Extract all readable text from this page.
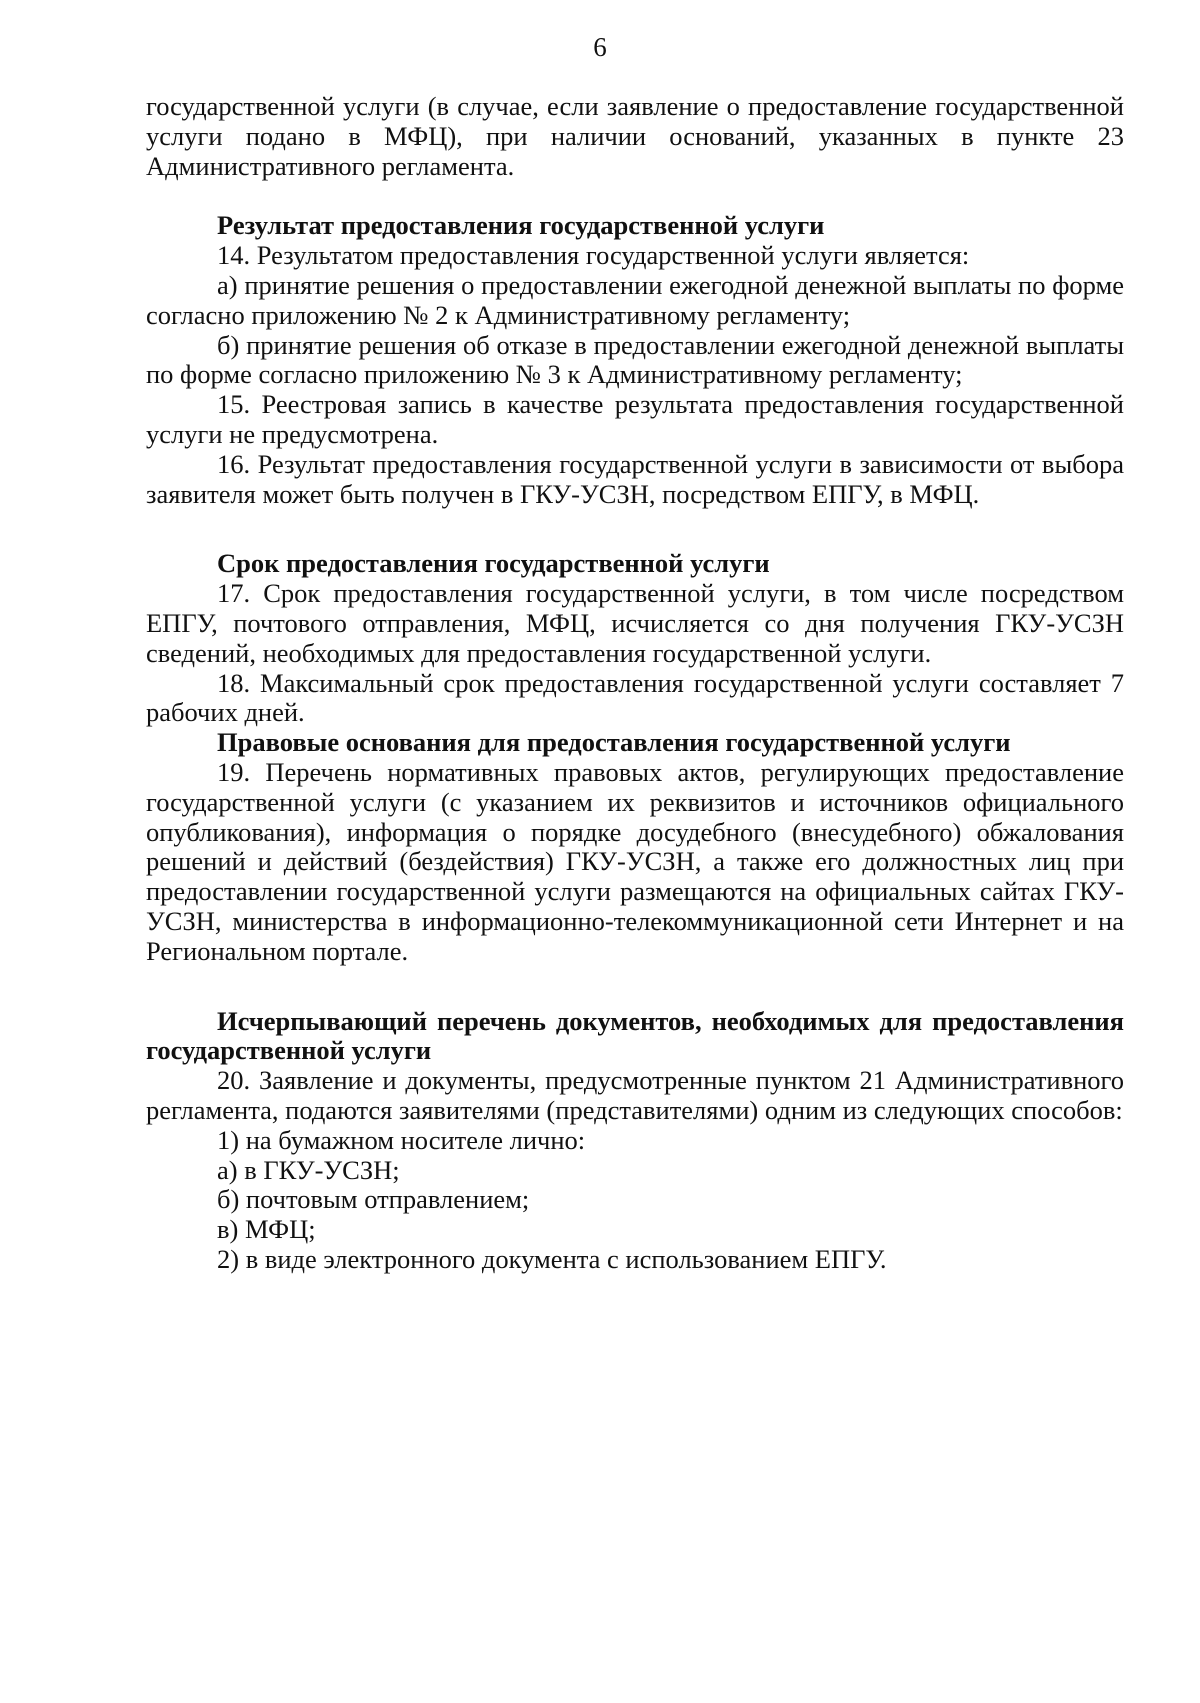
6

государственной услуги (в случае, если заявление о предоставление государственной услуги подано в МФЦ), при наличии оснований, указанных в пункте 23 Административного регламента.

Результат предоставления государственной услуги

14. Результатом предоставления государственной услуги является:

а) принятие решения о предоставлении ежегодной денежной выплаты по форме согласно приложению № 2 к Административному регламенту;

б) принятие решения об отказе в предоставлении ежегодной денежной выплаты по форме согласно приложению № 3 к Административному регламенту;

15. Реестровая запись в качестве результата предоставления государственной услуги не предусмотрена.

16. Результат предоставления государственной услуги в зависимости от выбора заявителя может быть получен в ГКУ-УСЗН, посредством ЕПГУ, в МФЦ.

Срок предоставления государственной услуги

17. Срок предоставления государственной услуги, в том числе посредством ЕПГУ, почтового отправления, МФЦ, исчисляется со дня получения ГКУ-УСЗН сведений, необходимых для предоставления государственной услуги.

18. Максимальный срок предоставления государственной услуги составляет 7 рабочих дней.

Правовые основания для предоставления государственной услуги

19. Перечень нормативных правовых актов, регулирующих предоставление государственной услуги (с указанием их реквизитов и источников официального опубликования), информация о порядке досудебного (внесудебного) обжалования решений и действий (бездействия) ГКУ-УСЗН, а также его должностных лиц при предоставлении государственной услуги размещаются на официальных сайтах ГКУ-УСЗН, министерства в информационно-телекоммуникационной сети Интернет и на Региональном портале.

Исчерпывающий перечень документов, необходимых для предоставления государственной услуги

20. Заявление и документы, предусмотренные пунктом 21 Административного регламента, подаются заявителями (представителями) одним из следующих способов:

1) на бумажном носителе лично:

а) в ГКУ-УСЗН;

б) почтовым отправлением;

в) МФЦ;

2) в виде электронного документа с использованием ЕПГУ.
